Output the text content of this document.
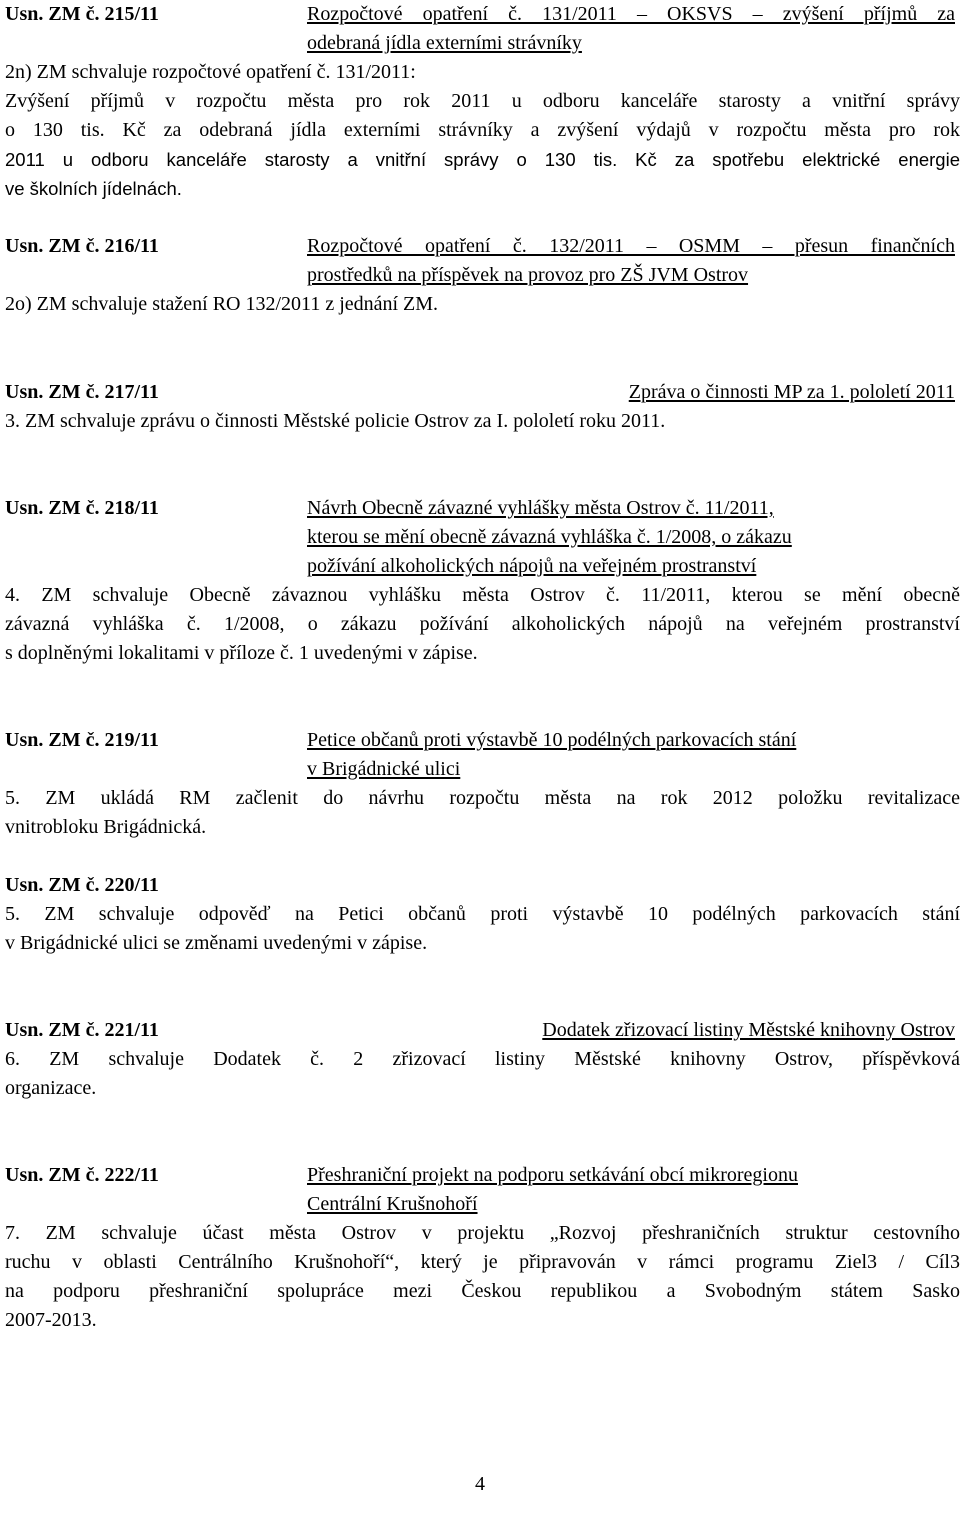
Usn. ZM č. 215/11	Rozpočtové opatření č. 131/2011 – OKSVS – zvýšení příjmů za
odebraná jídla externími strávníky
2n) ZM schvaluje rozpočtové opatření č. 131/2011:
Zvýšení příjmů v rozpočtu města pro rok 2011 u odboru kanceláře starosty a vnitřní správy
o 130 tis. Kč za odebraná jídla externími strávníky a zvýšení výdajů v rozpočtu města pro rok
2011 u odboru kanceláře starosty a vnitřní správy o 130 tis. Kč za spotřebu elektrické energie
ve školních jídelnách.
Usn. ZM č. 216/11	Rozpočtové opatření č. 132/2011 – OSMM – přesun finančních
prostředků na příspěvek na provoz pro ZŠ JVM Ostrov
2o) ZM schvaluje stažení RO 132/2011 z jednání ZM.
Usn. ZM č. 217/11	Zpráva o činnosti MP za 1. pololetí 2011
3. ZM schvaluje zprávu o činnosti Městské policie Ostrov za I. pololetí roku 2011.
Usn. ZM č. 218/11	Návrh Obecně závazné vyhlášky města Ostrov č. 11/2011,
kterou se mění obecně závazná vyhláška č. 1/2008, o zákazu
požívání alkoholických nápojů na veřejném prostranství
4. ZM schvaluje Obecně závaznou vyhlášku města Ostrov č. 11/2011, kterou se mění obecně
závazná vyhláška č. 1/2008, o zákazu požívání alkoholických nápojů na veřejném prostranství
s doplněnými lokalitami v příloze č. 1 uvedenými v zápise.
Usn. ZM č. 219/11	Petice občanů proti výstavbě 10 podélných parkovacích stání
v Brigádnické ulici
5. ZM ukládá RM začlenit do návrhu rozpočtu města na rok 2012 položku revitalizace
vnitrobloku Brigádnická.
Usn. ZM č. 220/11
5. ZM schvaluje odpověď na Petici občanů proti výstavbě 10 podélných parkovacích stání
v Brigádnické ulici se změnami uvedenými v zápise.
Usn. ZM č. 221/11	Dodatek zřizovací listiny Městské knihovny Ostrov
6. ZM schvaluje Dodatek č. 2 zřizovací listiny Městské knihovny Ostrov, příspěvková
organizace.
Usn. ZM č. 222/11	Přeshraniční projekt na podporu setkávání obcí mikroregionu
Centrální Krušnohoří
7. ZM schvaluje účast města Ostrov v projektu „Rozvoj přeshraničních struktur cestovního
ruchu v oblasti Centrálního Krušnohoří“, který je připravován v rámci programu Ziel3 / Cíl3
na podporu přeshraniční spolupráce mezi Českou republikou a Svobodným státem Sasko
2007-2013.
4
